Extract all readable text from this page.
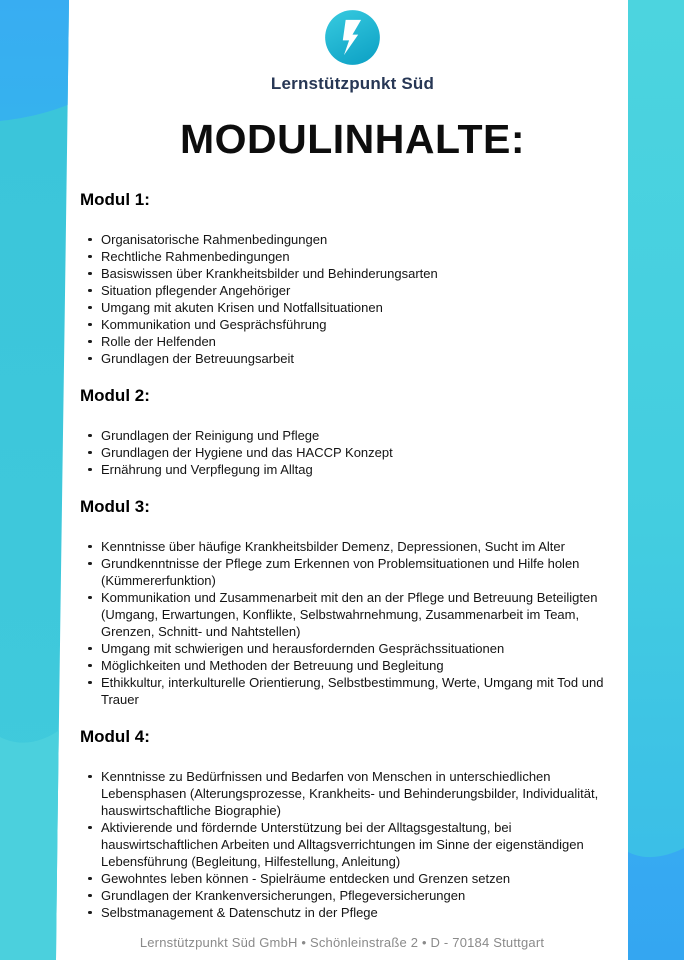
Lernstützpunkt Süd
MODULINHALTE:
Modul 1:
Organisatorische Rahmenbedingungen
Rechtliche Rahmenbedingungen
Basiswissen über Krankheitsbilder und Behinderungsarten
Situation pflegender Angehöriger
Umgang mit akuten Krisen und Notfallsituationen
Kommunikation und Gesprächsführung
Rolle der Helfenden
Grundlagen der Betreuungsarbeit
Modul 2:
Grundlagen der Reinigung und Pflege
Grundlagen der Hygiene und das HACCP Konzept
Ernährung und Verpflegung im Alltag
Modul 3:
Kenntnisse über häufige Krankheitsbilder Demenz, Depressionen, Sucht im Alter
Grundkenntnisse der Pflege zum Erkennen von Problemsituationen und Hilfe holen (Kümmererfunktion)
Kommunikation und Zusammenarbeit mit den an der Pflege und Betreuung Beteiligten (Umgang, Erwartungen, Konflikte, Selbstwahrnehmung, Zusammenarbeit im Team, Grenzen, Schnitt- und Nahtstellen)
Umgang mit schwierigen und herausfordernden Gesprächssituationen
Möglichkeiten und Methoden der Betreuung und Begleitung
Ethikkultur, interkulturelle Orientierung, Selbstbestimmung, Werte, Umgang mit Tod und Trauer
Modul 4:
Kenntnisse zu Bedürfnissen und Bedarfen von Menschen in unterschiedlichen Lebensphasen (Alterungsprozesse, Krankheits- und Behinderungsbilder, Individualität, hauswirtschaftliche Biographie)
Aktivierende und fördernde Unterstützung bei der Alltagsgestaltung, bei hauswirtschaftlichen Arbeiten und Alltagsverrichtungen im Sinne der eigenständigen Lebensführung (Begleitung, Hilfestellung, Anleitung)
Gewohntes leben können - Spielräume entdecken und Grenzen setzen
Grundlagen der Krankenversicherungen, Pflegeversicherungen
Selbstmanagement & Datenschutz in der Pflege
Lernstützpunkt Süd GmbH • Schönleinstraße 2 • D - 70184 Stuttgart
